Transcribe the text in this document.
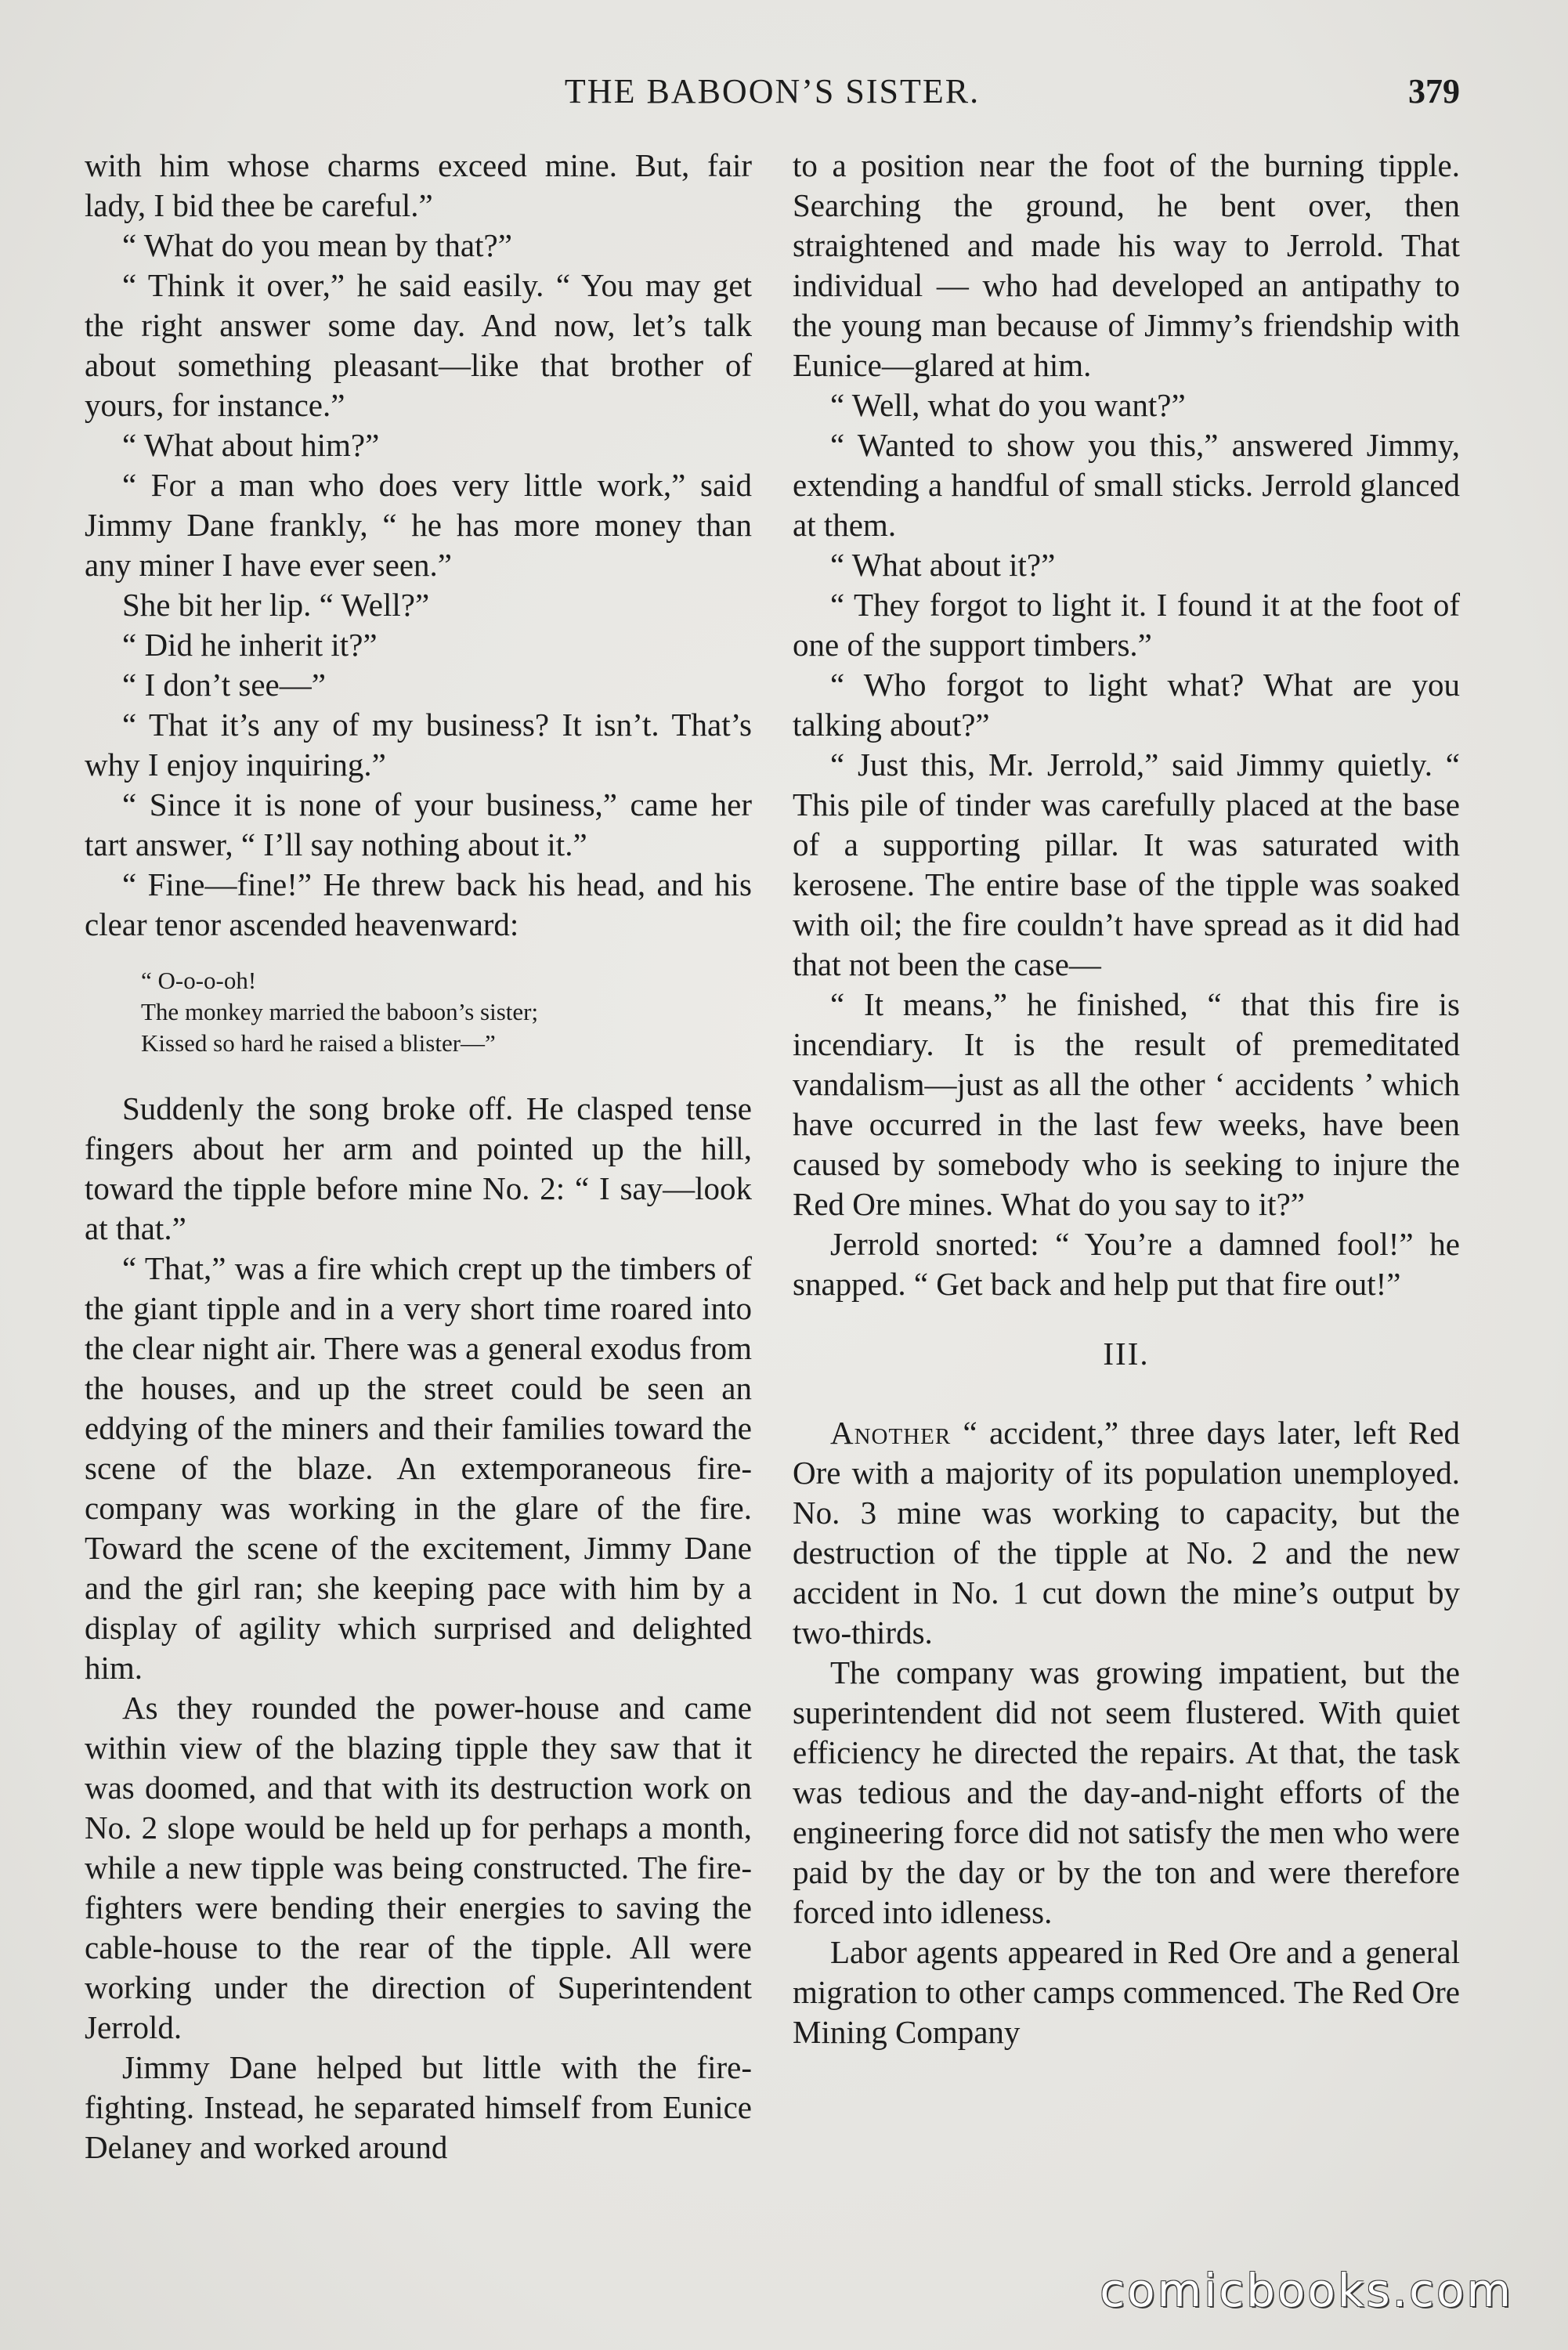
THE BABOON’S SISTER.	379

with him whose charms exceed mine. But, fair lady, I bid thee be careful.”

“ What do you mean by that?”

“ Think it over,” he said easily. “ You may get the right answer some day. And now, let’s talk about something pleasant—like that brother of yours, for instance.”

“ What about him?”

“ For a man who does very little work,” said Jimmy Dane frankly, “ he has more money than any miner I have ever seen.”

She bit her lip. “ Well?”

“ Did he inherit it?”

“ I don’t see—”

“ That it’s any of my business? It isn’t. That’s why I enjoy inquiring.”

“ Since it is none of your business,” came her tart answer, “ I’ll say nothing about it.”

“ Fine—fine!” He threw back his head, and his clear tenor ascended heavenward:

“ O-o-o-oh!
The monkey married the baboon’s sister;
Kissed so hard he raised a blister—”

Suddenly the song broke off. He clasped tense fingers about her arm and pointed up the hill, toward the tipple before mine No. 2: “ I say—look at that.”

“ That,” was a fire which crept up the timbers of the giant tipple and in a very short time roared into the clear night air. There was a general exodus from the houses, and up the street could be seen an eddying of the miners and their families toward the scene of the blaze. An extemporaneous fire-company was working in the glare of the fire. Toward the scene of the excitement, Jimmy Dane and the girl ran; she keeping pace with him by a display of agility which surprised and delighted him.

As they rounded the power-house and came within view of the blazing tipple they saw that it was doomed, and that with its destruction work on No. 2 slope would be held up for perhaps a month, while a new tipple was being constructed. The fire-fighters were bending their energies to saving the cable-house to the rear of the tipple. All were working under the direction of Superintendent Jerrold.

Jimmy Dane helped but little with the fire-fighting. Instead, he separated himself from Eunice Delaney and worked around

to a position near the foot of the burning tipple. Searching the ground, he bent over, then straightened and made his way to Jerrold. That individual — who had developed an antipathy to the young man because of Jimmy’s friendship with Eunice—glared at him.

“ Well, what do you want?”

“ Wanted to show you this,” answered Jimmy, extending a handful of small sticks. Jerrold glanced at them.

“ What about it?”

“ They forgot to light it. I found it at the foot of one of the support timbers.”

“ Who forgot to light what? What are you talking about?”

“ Just this, Mr. Jerrold,” said Jimmy quietly. “ This pile of tinder was carefully placed at the base of a supporting pillar. It was saturated with kerosene. The entire base of the tipple was soaked with oil; the fire couldn’t have spread as it did had that not been the case—

“ It means,” he finished, “ that this fire is incendiary. It is the result of premeditated vandalism—just as all the other ‘ accidents ’ which have occurred in the last few weeks, have been caused by somebody who is seeking to injure the Red Ore mines. What do you say to it?”

Jerrold snorted: “ You’re a damned fool!” he snapped. “ Get back and help put that fire out!”

III.

Another “ accident,” three days later, left Red Ore with a majority of its population unemployed. No. 3 mine was working to capacity, but the destruction of the tipple at No. 2 and the new accident in No. 1 cut down the mine’s output by two-thirds.

The company was growing impatient, but the superintendent did not seem flustered. With quiet efficiency he directed the repairs. At that, the task was tedious and the day-and-night efforts of the engineering force did not satisfy the men who were paid by the day or by the ton and were therefore forced into idleness.

Labor agents appeared in Red Ore and a general migration to other camps commenced. The Red Ore Mining Company

comicbooks.com
